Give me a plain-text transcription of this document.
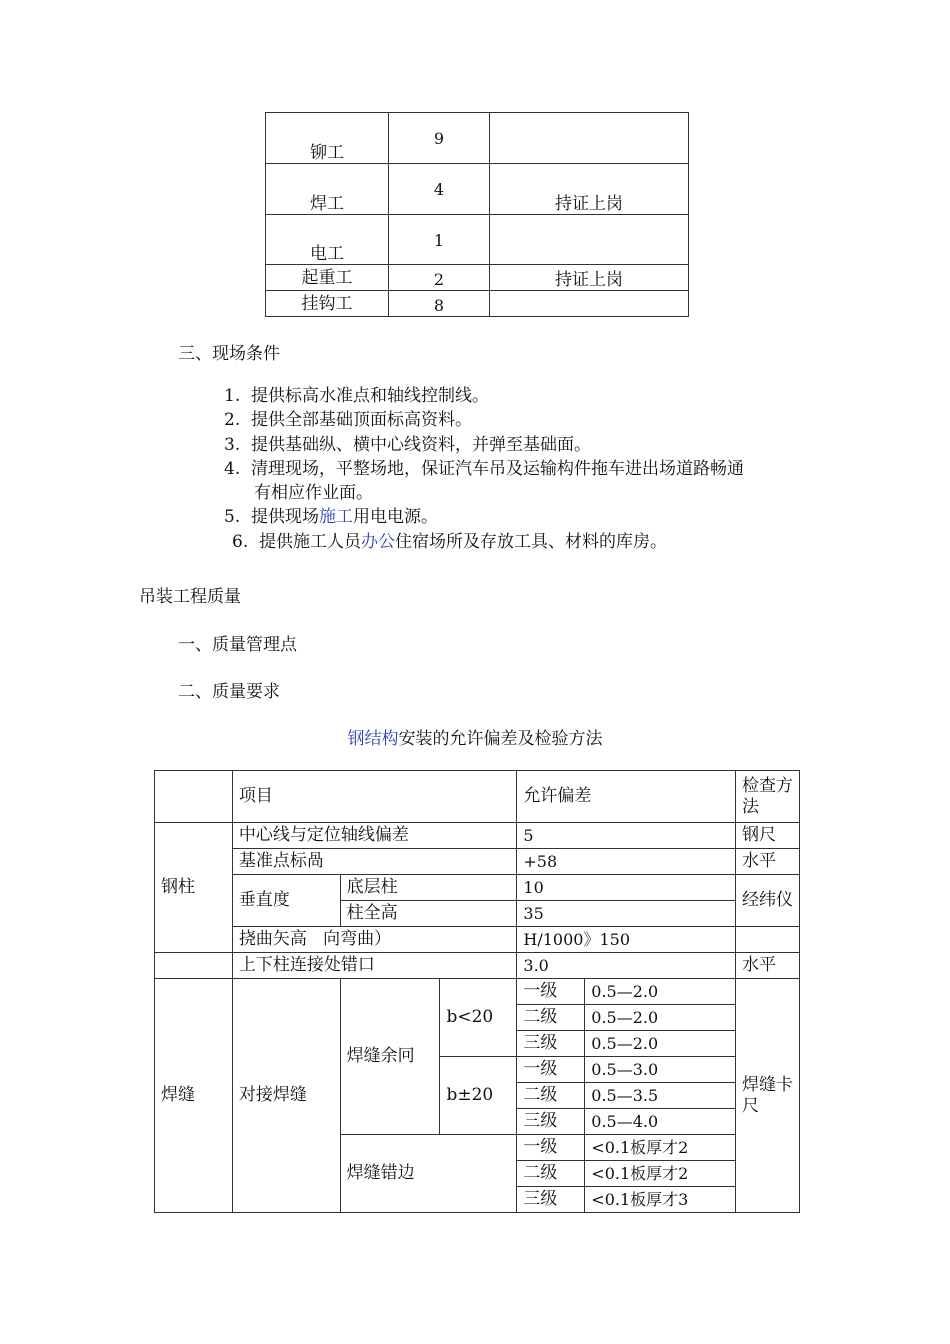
铆工	9	
焊工	4	持证上岗
电工	1	
起重工	2	持证上岗
挂钩工	8	
三、现场条件
1. 提供标高水准点和轴线控制线。
2. 提供全部基础顶面标高资料。
3. 提供基础纵、横中心线资料，并弹至基础面。
4. 清理现场，平整场地，保证汽车吊及运输构件拖车进出场道路畅通
有相应作业面。
5. 提供现场施工用电电源。
6. 提供施工人员办公住宿场所及存放工具、材料的库房。
吊装工程质量
一、质量管理点
二、质量要求
钢结构安装的允许偏差及检验方法
	项目			允许偏差		检查方法
钢柱	中心线与定位轴线偏差			5		钢尺
	基准点标咼			+58		水平
	垂直度	底层柱		10		经纬仪
		柱全高		35		
	挠曲矢高 向弯曲）			H/1000》150		
	上下柱连接处错口			3.0		水平
焊缝	对接焊缝	焊缝余冋	b<20	一级	0.5—2.0	焊缝卡尺
				二级	0.5—2.0	
				三级	0.5—2.0	
			b±20	一级	0.5—3.0	
				二级	0.5—3.5	
				三级	0.5—4.0	
		焊缝错边		一级	<0.1板厚才2	
				二级	<0.1板厚才2	
				三级	<0.1板厚才3	
